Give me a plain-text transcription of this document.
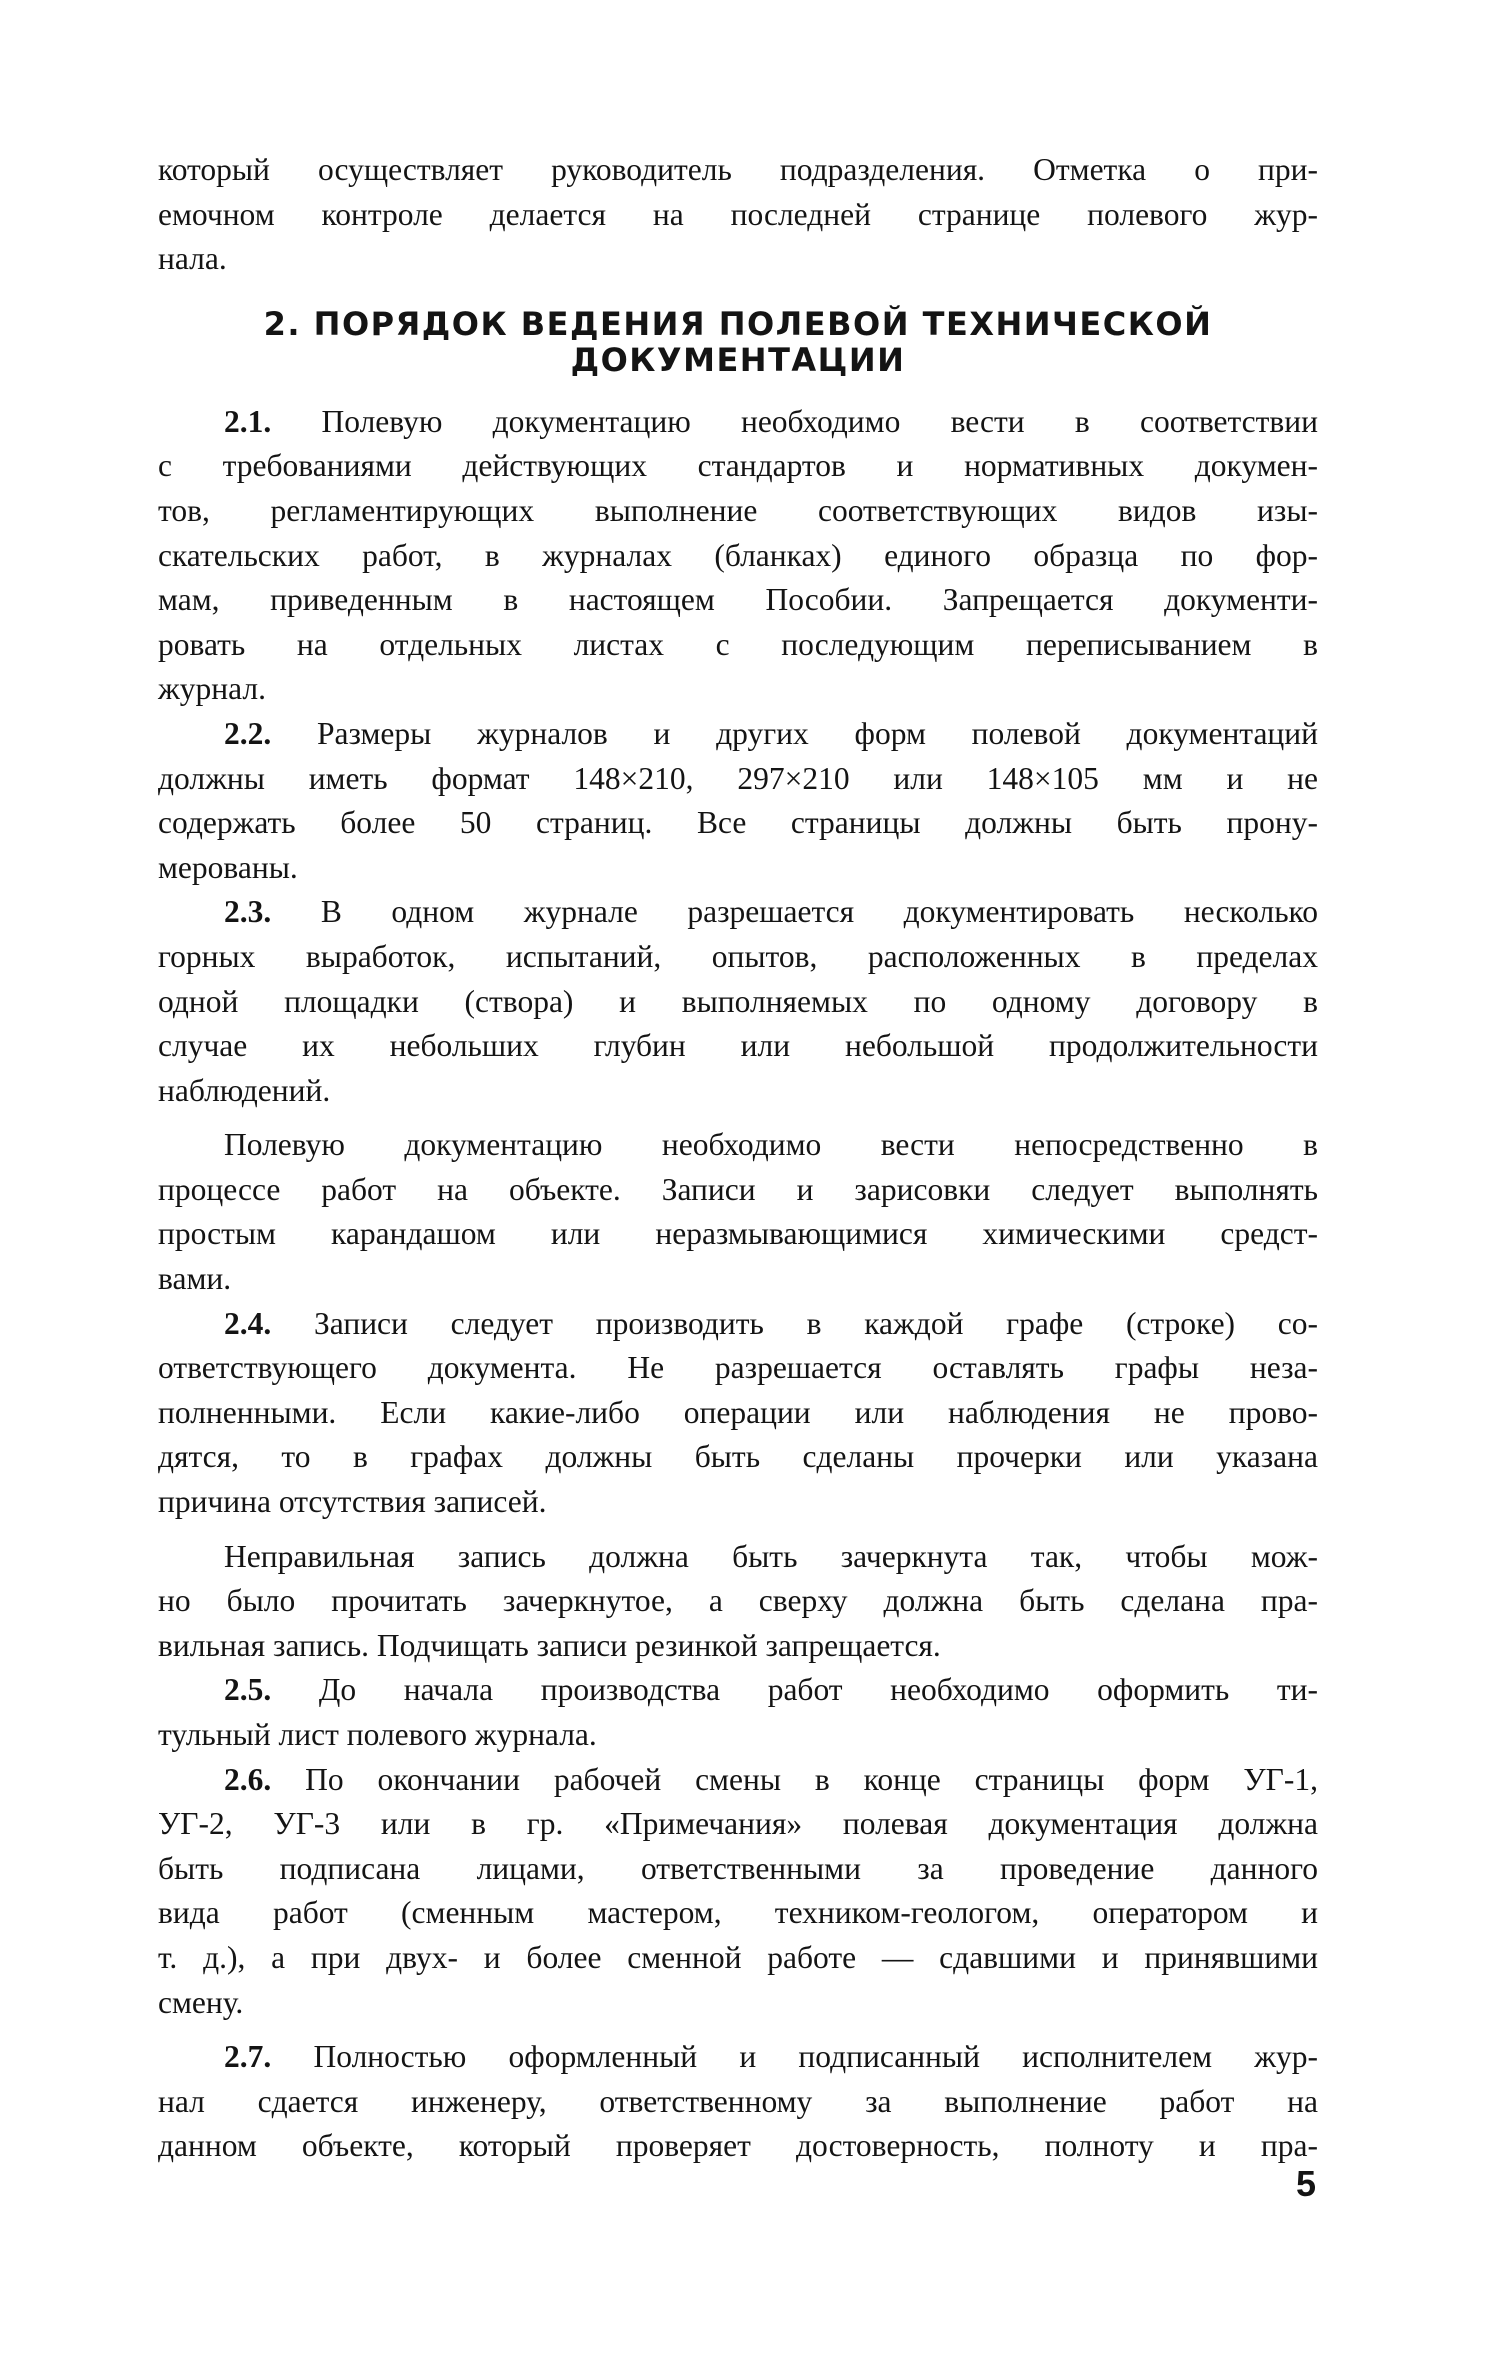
который осуществляет руководитель подразделения. Отметка о при-

емочном контроле делается на последней странице полевого жур-

нала.

2. ПОРЯДОК ВЕДЕНИЯ ПОЛЕВОЙ ТЕХНИЧЕСКОЙ
ДОКУМЕНТАЦИИ

2.1. Полевую документацию необходимо вести в соответствии

с требованиями действующих стандартов и нормативных докумен-

тов, регламентирующих выполнение соответствующих видов изы-

скательских работ, в журналах (бланках) единого образца по фор-

мам, приведенным в настоящем Пособии. Запрещается документи-

ровать на отдельных листах с последующим переписыванием в

журнал.

2.2. Размеры журналов и других форм полевой документаций

должны иметь формат 148×210, 297×210 или 148×105 мм и не

содержать более 50 страниц. Все страницы должны быть прону-

мерованы.

2.3. В одном журнале разрешается документировать несколько

горных выработок, испытаний, опытов, расположенных в пределах

одной площадки (створа) и выполняемых по одному договору в

случае их небольших глубин или небольшой продолжительности

наблюдений.

Полевую документацию необходимо вести непосредственно в

процессе работ на объекте. Записи и зарисовки следует выполнять

простым карандашом или неразмывающимися химическими средст-

вами.

2.4. Записи следует производить в каждой графе (строке) со-

ответствующего документа. Не разрешается оставлять графы неза-

полненными. Если какие-либо операции или наблюдения не прово-

дятся, то в графах должны быть сделаны прочерки или указана

причина отсутствия записей.

Неправильная запись должна быть зачеркнута так, чтобы мож-

но было прочитать зачеркнутое, а сверху должна быть сделана пра-

вильная запись. Подчищать записи резинкой запрещается.

2.5. До начала производства работ необходимо оформить ти-

тульный лист полевого журнала.

2.6. По окончании рабочей смены в конце страницы форм УГ-1,

УГ-2, УГ-3 или в гр. «Примечания» полевая документация должна

быть подписана лицами, ответственными за проведение данного

вида работ (сменным мастером, техником-геологом, оператором и

т. д.), а при двух- и более сменной работе — сдавшими и принявшими

смену.

2.7. Полностью оформленный и подписанный исполнителем жур-

нал сдается инженеру, ответственному за выполнение работ на

данном объекте, который проверяет достоверность, полноту и пра-

5
